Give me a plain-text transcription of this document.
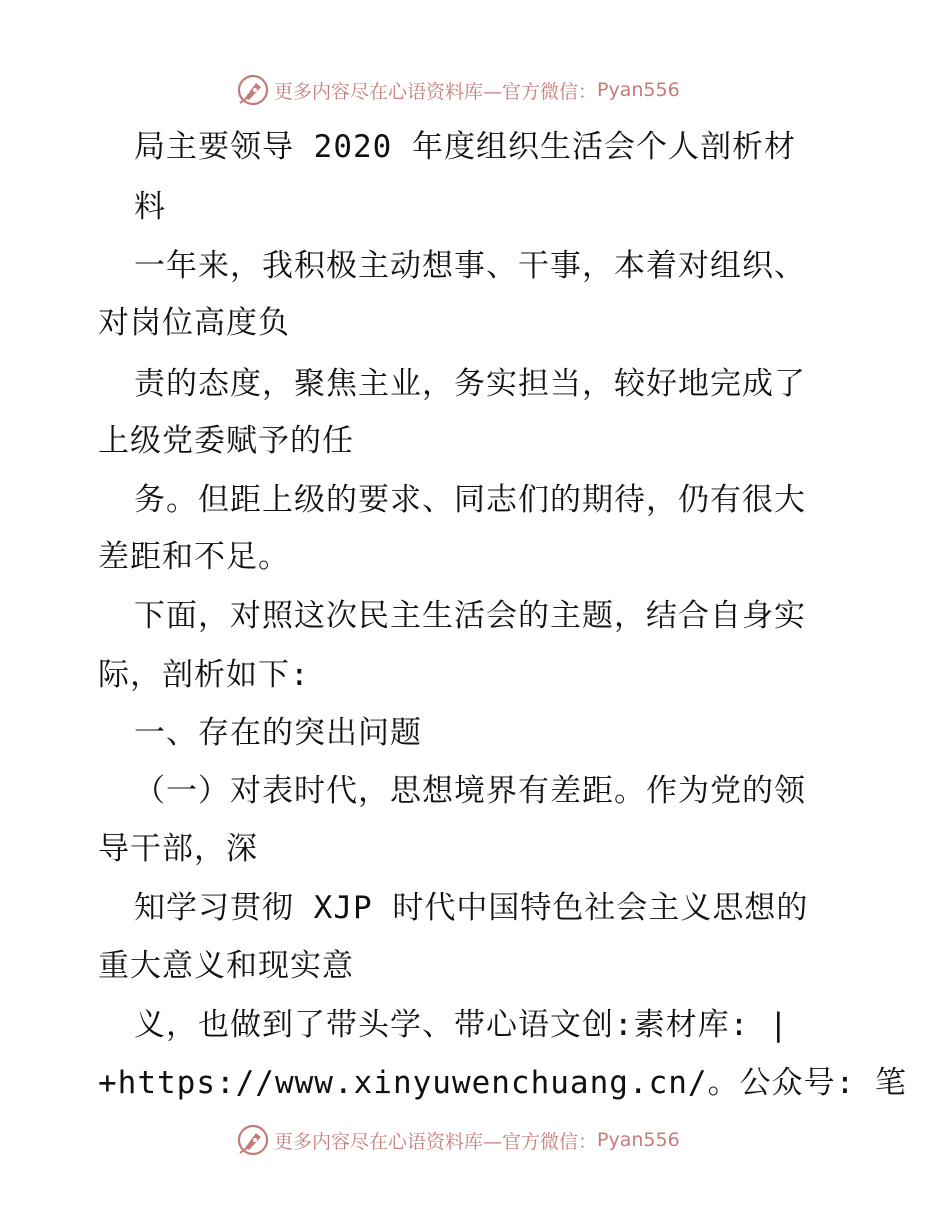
更多内容尽在心语资料库—官方微信： Pyan556
局主要领导 2020 年度组织生活会个人剖析材
料
一年来，我积极主动想事、干事，本着对组织、
对岗位高度负
责的态度，聚焦主业，务实担当，较好地完成了
上级党委赋予的任
务。但距上级的要求、同志们的期待，仍有很大
差距和不足。
下面，对照这次民主生活会的主题，结合自身实
际，剖析如下:
一、存在的突出问题
（一）对表时代，思想境界有差距。作为党的领
导干部，深
知学习贯彻 XJP 时代中国特色社会主义思想的
重大意义和现实意
义，也做到了带头学、带心语文创:素材库: |
+https://www.xinyuwenchuang.cn/。公众号: 笔
更多内容尽在心语资料库—官方微信： Pyan556
